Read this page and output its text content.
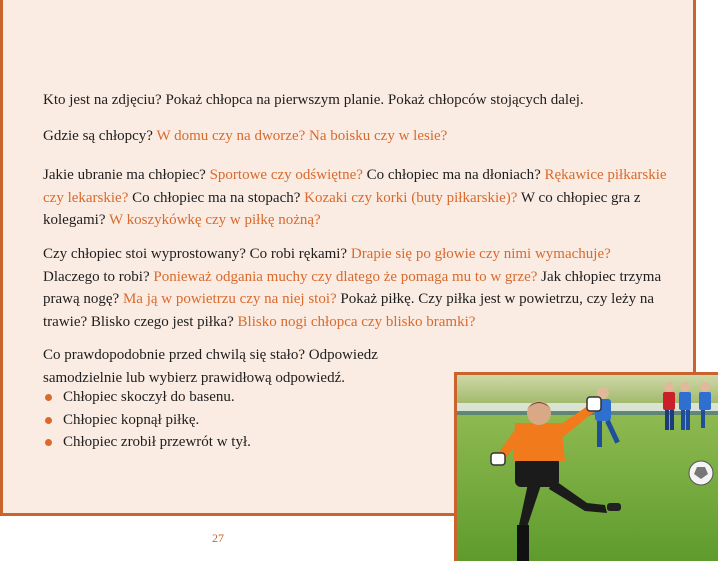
Kto jest na zdjęciu? Pokaż chłopca na pierwszym planie. Pokaż chłopców stojących dalej.
Gdzie są chłopcy? W domu czy na dworze? Na boisku czy w lesie?
Jakie ubranie ma chłopiec? Sportowe czy odświętne? Co chłopiec ma na dłoniach? Rękawice piłkarskie czy lekarskie? Co chłopiec ma na stopach? Kozaki czy korki (buty piłkarskie)? W co chłopiec gra z kolegami? W koszykówkę czy w piłkę nożną?
Czy chłopiec stoi wyprostowany? Co robi rękami? Drapie się po głowie czy nimi wymachuje? Dlaczego to robi? Ponieważ odgania muchy czy dlatego że pomaga mu to w grze? Jak chłopiec trzyma prawą nogę? Ma ją w powietrzu czy na niej stoi? Pokaż piłkę. Czy piłka jest w powietrzu, czy leży na trawie? Blisko czego jest piłka? Blisko nogi chłopca czy blisko bramki?
Co prawdopodobnie przed chwilą się stało? Odpowiedz samodzielnie lub wybierz prawidłową odpowiedź.
Chłopiec skoczył do basenu.
Chłopiec kopnął piłkę.
Chłopiec zrobił przewrót w tył.
27
